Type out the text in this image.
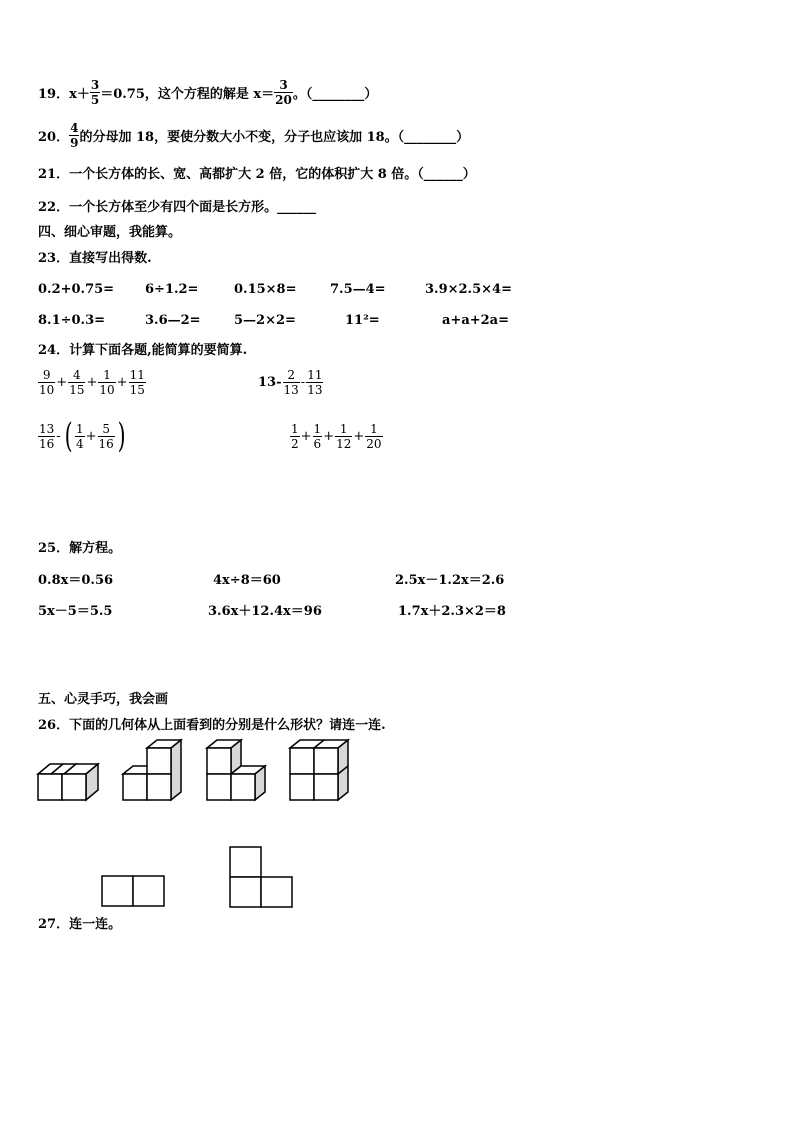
19． $x+ \frac{3}{5} =0.75$，这个方程的解是 $x= \frac{3}{20}$ 。（________）
20． $\frac{4}{9}$ 的分母加 18，要使分数大小不变，分子也应该加 18。（________）
21．一个长方体的长、宽、高都扩大 2 倍，它的体积扩大 8 倍。（______）
22．一个长方体至少有四个面是长方形。______
四、细心审题，我能算。
23．直接写出得数.
0.2+0.75= 6÷1.2=	0.15×8=	7.5—4=	3.9×2.5×4=
8.1÷0.3=	3.6—2=	5—2×2=	11²=	a+a+2a=
24．计算下面各题,能简算的要简算.
$\frac{9}{10} + \frac{4}{15} + \frac{1}{10} + \frac{11}{15}$	$13- \frac{2}{13} - \frac{11}{13}$
$\frac{13}{16}$ - ( $\frac{1}{4} + \frac{5}{16}$ )	$\frac{1}{2} + \frac{1}{6} + \frac{1}{12} + \frac{1}{20}$
25．解方程。
0.8x＝0.56	4x÷8＝60	2.5x－1.2x＝2.6
5x－5＝5.5	3.6x＋12.4x＝96	1.7x＋2.3×2＝8
五、心灵手巧，我会画
26．下面的几何体从上面看到的分别是什么形状？请连一连.
27．连一连。
